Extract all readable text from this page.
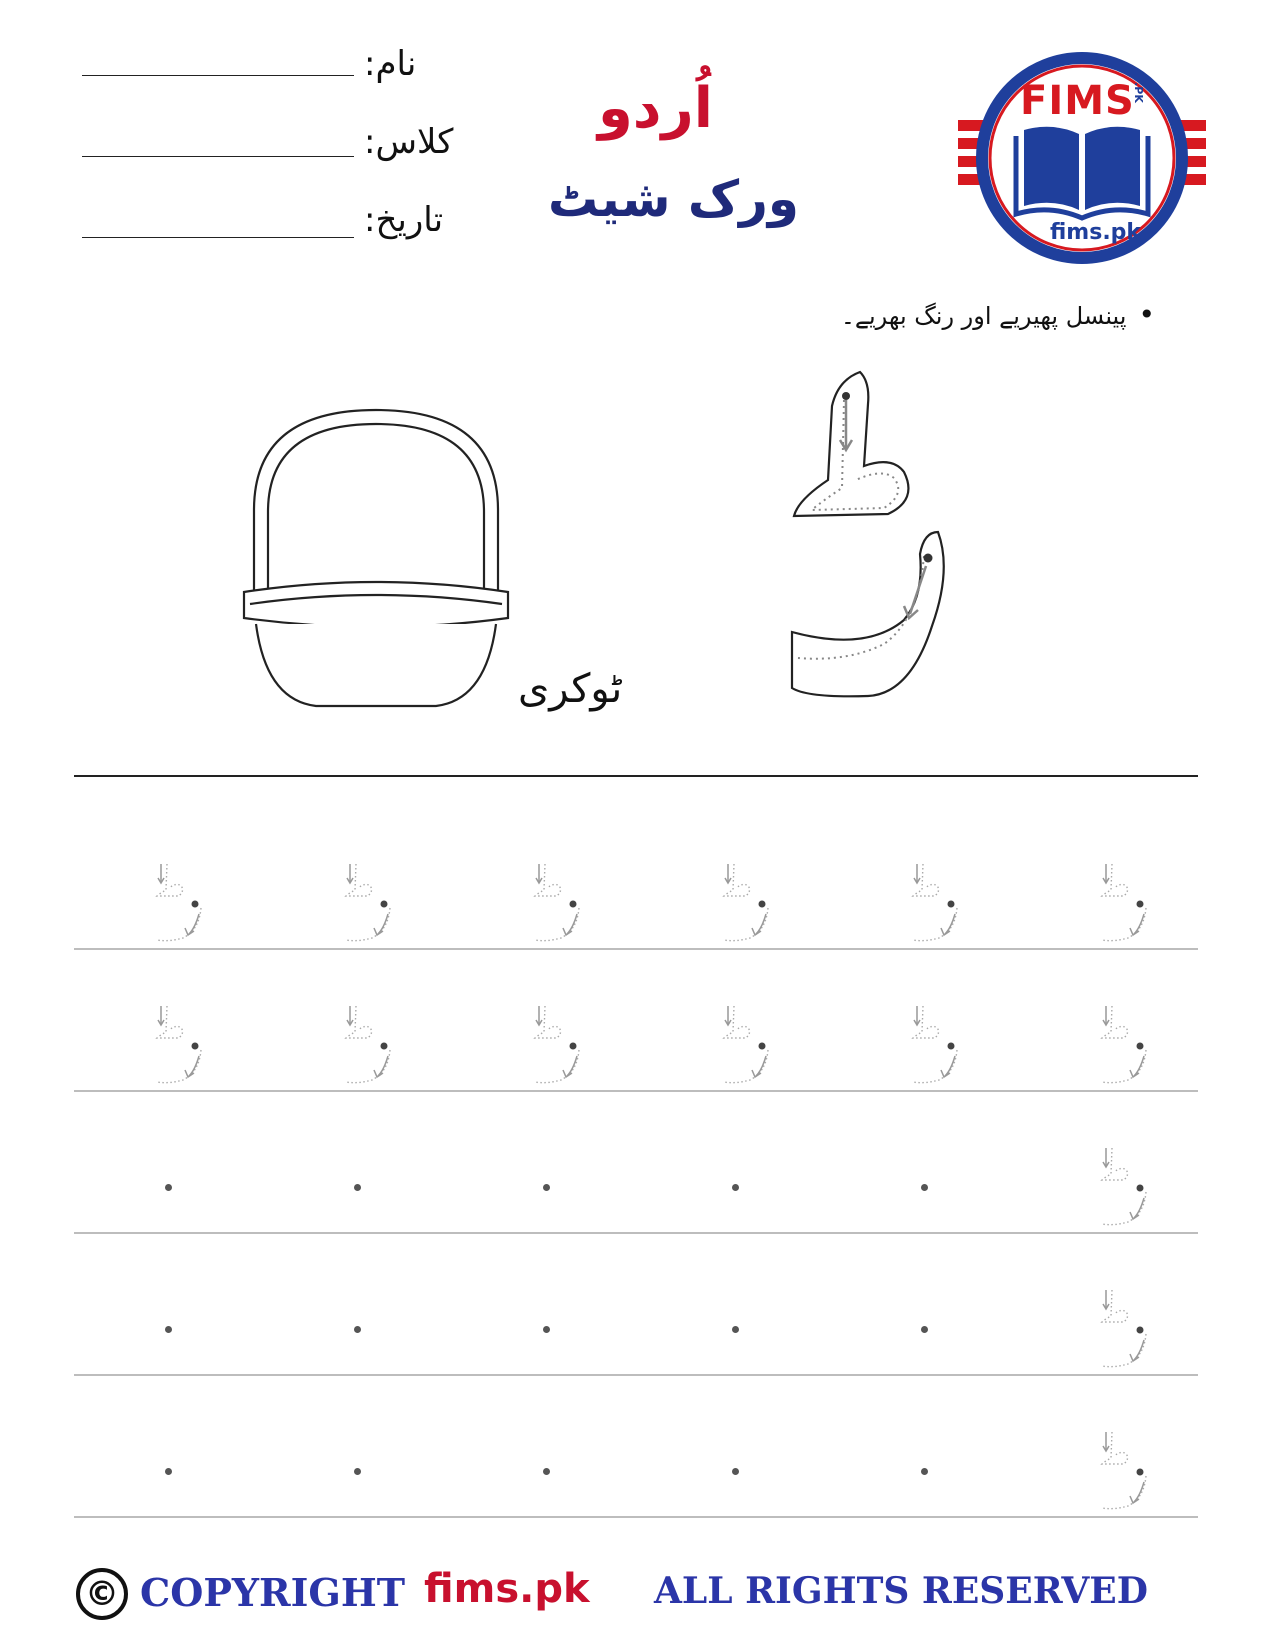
نام:
کلاس:
تاریخ:
اُردو
ورک شیٹ
FIMS
.PK
fims.pk
•پینسل پھیریے اور رنگ بھریے۔
ٹوکری
© COPYRIGHT fims.pk ALL RIGHTS RESERVED
